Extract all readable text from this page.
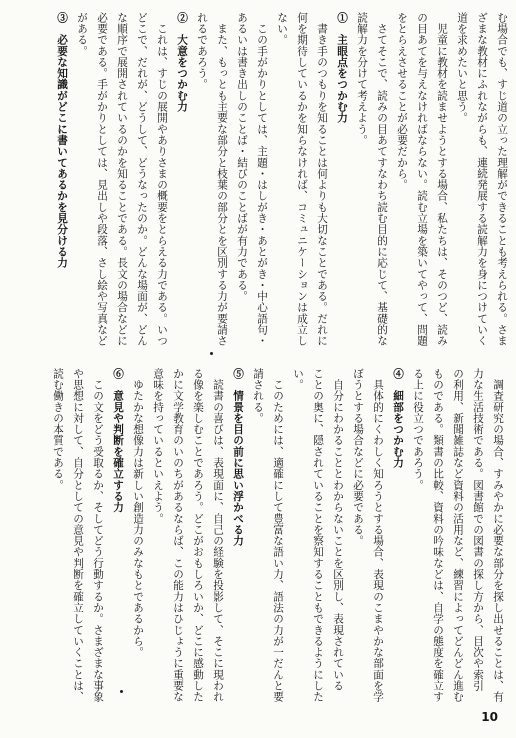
む場合でも、すじ道の立った理解ができることも考えられる。さま
ざまな教材にふれながらも、連続発展する読解力を身につけていく
道を求めたいと思う。
　児童に教材を読ませようとする場合、私たちは、そのつど、読み
の目あてを与えなければならない。読む立場を築いてやって、問題
をとらえさせることが必要だから。
　さてそこで、読みの目あてすなわち読む目的に応じて、基礎的な
読解力を分けて考えよう。
①　主眼点をつかむ力
　書き手のつもりを知ることは何よりも大切なことである。だれに
何を期待しているかを知らなければ、コミュニケーションは成立し
ない。
　この手がかりとしては、主題・はしがき・あとがき・中心語句・
あるいは書き出しのことば・結びのことばが有力である。
　また、もっとも主要な部分と枝葉の部分とを区別する力が要請さ
れるであろう。
②　大意をつかむ力
　これは、すじの展開やありさまの概要をとらえる力である。いつ
どこで、だれが、どうして、どうなったのか。どんな場面が、どん
な順序で展開されているのかを知ることである。長文の場合などに
必要である。手がかりとしては、見出しや段落、さし絵や写真など
がある。
③　必要な知識がどこに書いてあるかを見分ける力
　調査研究の場合、すみやかに必要な部分を探し出せることは、有
力な生活技術である。図書館での図書の探し方から、目次や索引
の利用、新聞雑誌など資料の活用など、練習によってどんどん進む
ものである。類書の比較、資料の吟味などは、自学の態度を確立す
る上に役立つであろう。
④　細部をつかむ力
　具体的にくわしく知ろうとする場合、表現のこまやかな部面を学
ぼうとする場合などに必要である。
　自分にわかることとわからないことを区別し、表現されている
ことの奥に、隠されていることを察知することもできるようにした
い。
　このためには、適確にして豊富な語い力、語法の力が一だんと要
請される。
⑤　情景を目の前に思い浮かべる力
　読書の喜びは、表現面に、自己の経験を投影して、そこに現われ
る像を楽しむことであろう。どこがおもしろいか、どこに感動した
かに文学教育のいのちがあるならば、この能力はひじょうに重要な
意味を持っているといえよう。
　ゆたかな想像力は新しい創造力のみなもとであるから。
⑥　意見や判断を確立する力
　この文をどう受取るか、そしてどう行動するか。さまざまな事象
や思想に対して、自分としての意見や判断を確立していくことは、
読む働きの本質である。
10
